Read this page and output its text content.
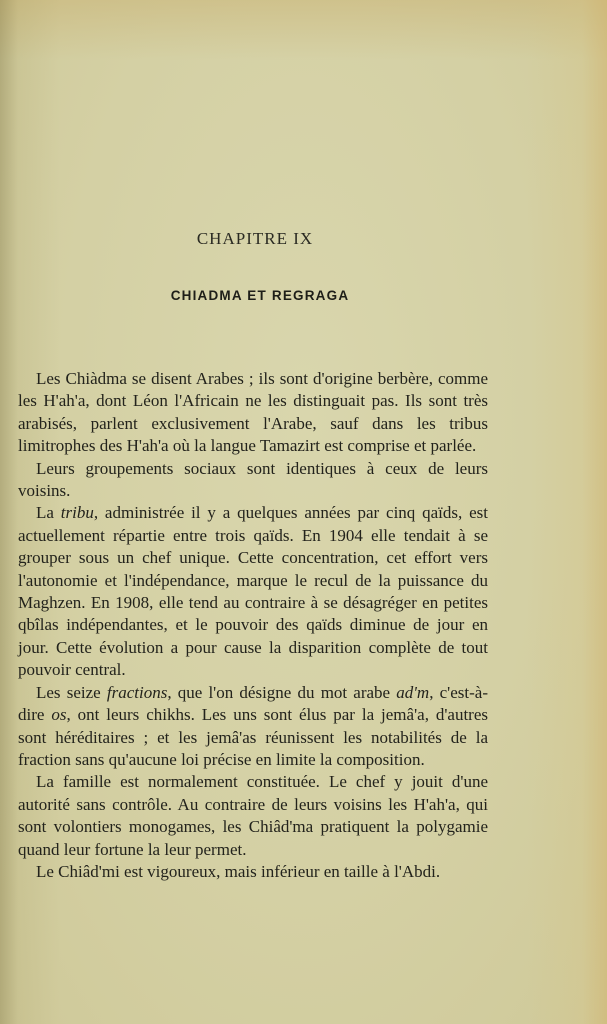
CHAPITRE IX
CHIADMA ET REGRAGA

Les Chiàdma se disent Arabes ; ils sont d'origine berbère, comme les H'ah'a, dont Léon l'Africain ne les distinguait pas. Ils sont très arabisés, parlent exclusivement l'Arabe, sauf dans les tribus limitrophes des H'ah'a où la langue Tamazirt est comprise et parlée.

Leurs groupements sociaux sont identiques à ceux de leurs voisins.

La tribu, administrée il y a quelques années par cinq qaïds, est actuellement répartie entre trois qaïds. En 1904 elle tendait à se grouper sous un chef unique. Cette concentration, cet effort vers l'autonomie et l'indépendance, marque le recul de la puissance du Maghzen. En 1908, elle tend au contraire à se désagréger en petites qbîlas indépendantes, et le pouvoir des qaïds diminue de jour en jour. Cette évolution a pour cause la disparition complète de tout pouvoir central.

Les seize fractions, que l'on désigne du mot arabe ad'm, c'est-à-dire os, ont leurs chikhs. Les uns sont élus par la jemâ'a, d'autres sont héréditaires ; et les jemâ'as réunissent les notabilités de la fraction sans qu'aucune loi précise en limite la composition.

La famille est normalement constituée. Le chef y jouit d'une autorité sans contrôle. Au contraire de leurs voisins les H'ah'a, qui sont volontiers monogames, les Chiâd'ma pratiquent la polygamie quand leur fortune la leur permet.

Le Chiâd'mi est vigoureux, mais inférieur en taille à l'Abdi.
